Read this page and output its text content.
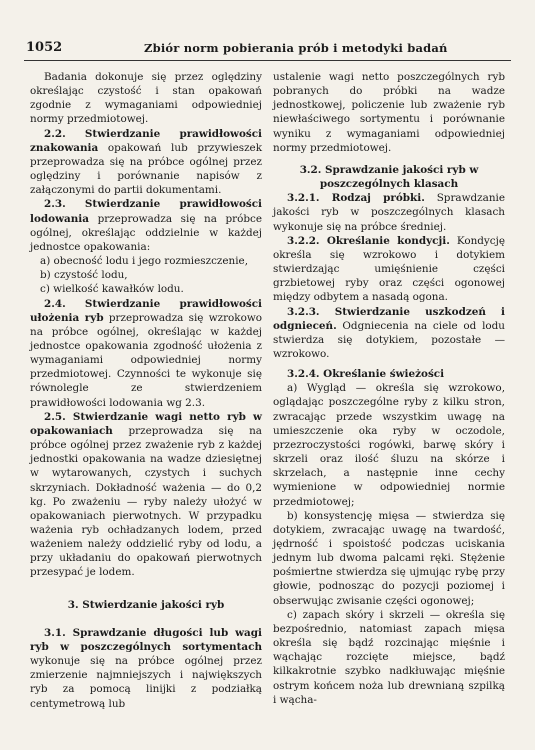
1052	Zbiór norm pobierania prób i metodyki badań

Badania dokonuje się przez oględziny określając czystość i stan opakowań zgodnie z wymaganiami odpowiedniej normy przedmiotowej.

2.2. Stwierdzanie prawidłowości znakowania opakowań lub przywieszek przeprowadza się na próbce ogólnej przez oględziny i porównanie napisów z załączonymi do partii dokumentami.

2.3. Stwierdzanie prawidłowości lodowania przeprowadza się na próbce ogólnej, określając oddzielnie w każdej jednostce opakowania:

a) obecność lodu i jego rozmieszczenie,

b) czystość lodu,

c) wielkość kawałków lodu.

2.4. Stwierdzanie prawidłowości ułożenia ryb przeprowadza się wzrokowo na próbce ogólnej, określając w każdej jednostce opakowania zgodność ułożenia z wymaganiami odpowiedniej normy przedmiotowej. Czynności te wykonuje się równolegle ze stwierdzeniem prawidłowości lodowania wg 2.3.

2.5. Stwierdzanie wagi netto ryb w opakowaniach przeprowadza się na próbce ogólnej przez zważenie ryb z każdej jednostki opakowania na wadze dziesiętnej w wytarowanych, czystych i suchych skrzyniach. Dokładność ważenia — do 0,2 kg. Po zważeniu — ryby należy ułożyć w opakowaniach pierwotnych. W przypadku ważenia ryb ochładzanych lodem, przed ważeniem należy oddzielić ryby od lodu, a przy układaniu do opakowań pierwotnych przesypać je lodem.

3. Stwierdzanie jakości ryb

3.1. Sprawdzanie długości lub wagi ryb w poszczególnych sortymentach wykonuje się na próbce ogólnej przez zmierzenie najmniejszych i największych ryb za pomocą linijki z podziałką centymetrową lub

ustalenie wagi netto poszczególnych ryb pobranych do próbki na wadze jednostkowej, policzenie lub zważenie ryb niewłaściwego sortymentu i porównanie wyniku z wymaganiami odpowiedniej normy przedmiotowej.

3.2. Sprawdzanie jakości ryb w poszczególnych klasach

3.2.1. Rodzaj próbki. Sprawdzanie jakości ryb w poszczególnych klasach wykonuje się na próbce średniej.

3.2.2. Określanie kondycji. Kondycję określa się wzrokowo i dotykiem stwierdzając umięśnienie części grzbietowej ryby oraz części ogonowej między odbytem a nasadą ogona.

3.2.3. Stwierdzanie uszkodzeń i odgnieceń. Odgniecenia na ciele od lodu stwierdza się dotykiem, pozostałe — wzrokowo.

3.2.4. Określanie świeżości

a) Wygląd — określa się wzrokowo, oglądając poszczególne ryby z kilku stron, zwracając przede wszystkim uwagę na umieszczenie oka ryby w oczodole, przezroczystości rogówki, barwę skóry i skrzeli oraz ilość śluzu na skórze i skrzelach, a następnie inne cechy wymienione w odpowiedniej normie przedmiotowej;

b) konsystencję mięsa — stwierdza się dotykiem, zwracając uwagę na twardość, jędrność i spoistość podczas uciskania jednym lub dwoma palcami ręki. Stężenie pośmiertne stwierdza się ujmując rybę przy głowie, podnosząc do pozycji poziomej i obserwując zwisanie części ogonowej;

c) zapach skóry i skrzeli — określa się bezpośrednio, natomiast zapach mięsa określa się bądź rozcinając mięśnie i wąchając rozcięte miejsce, bądź kilkakrotnie szybko nadkłuwając mięśnie ostrym końcem noża lub drewnianą szpilką i wącha-
